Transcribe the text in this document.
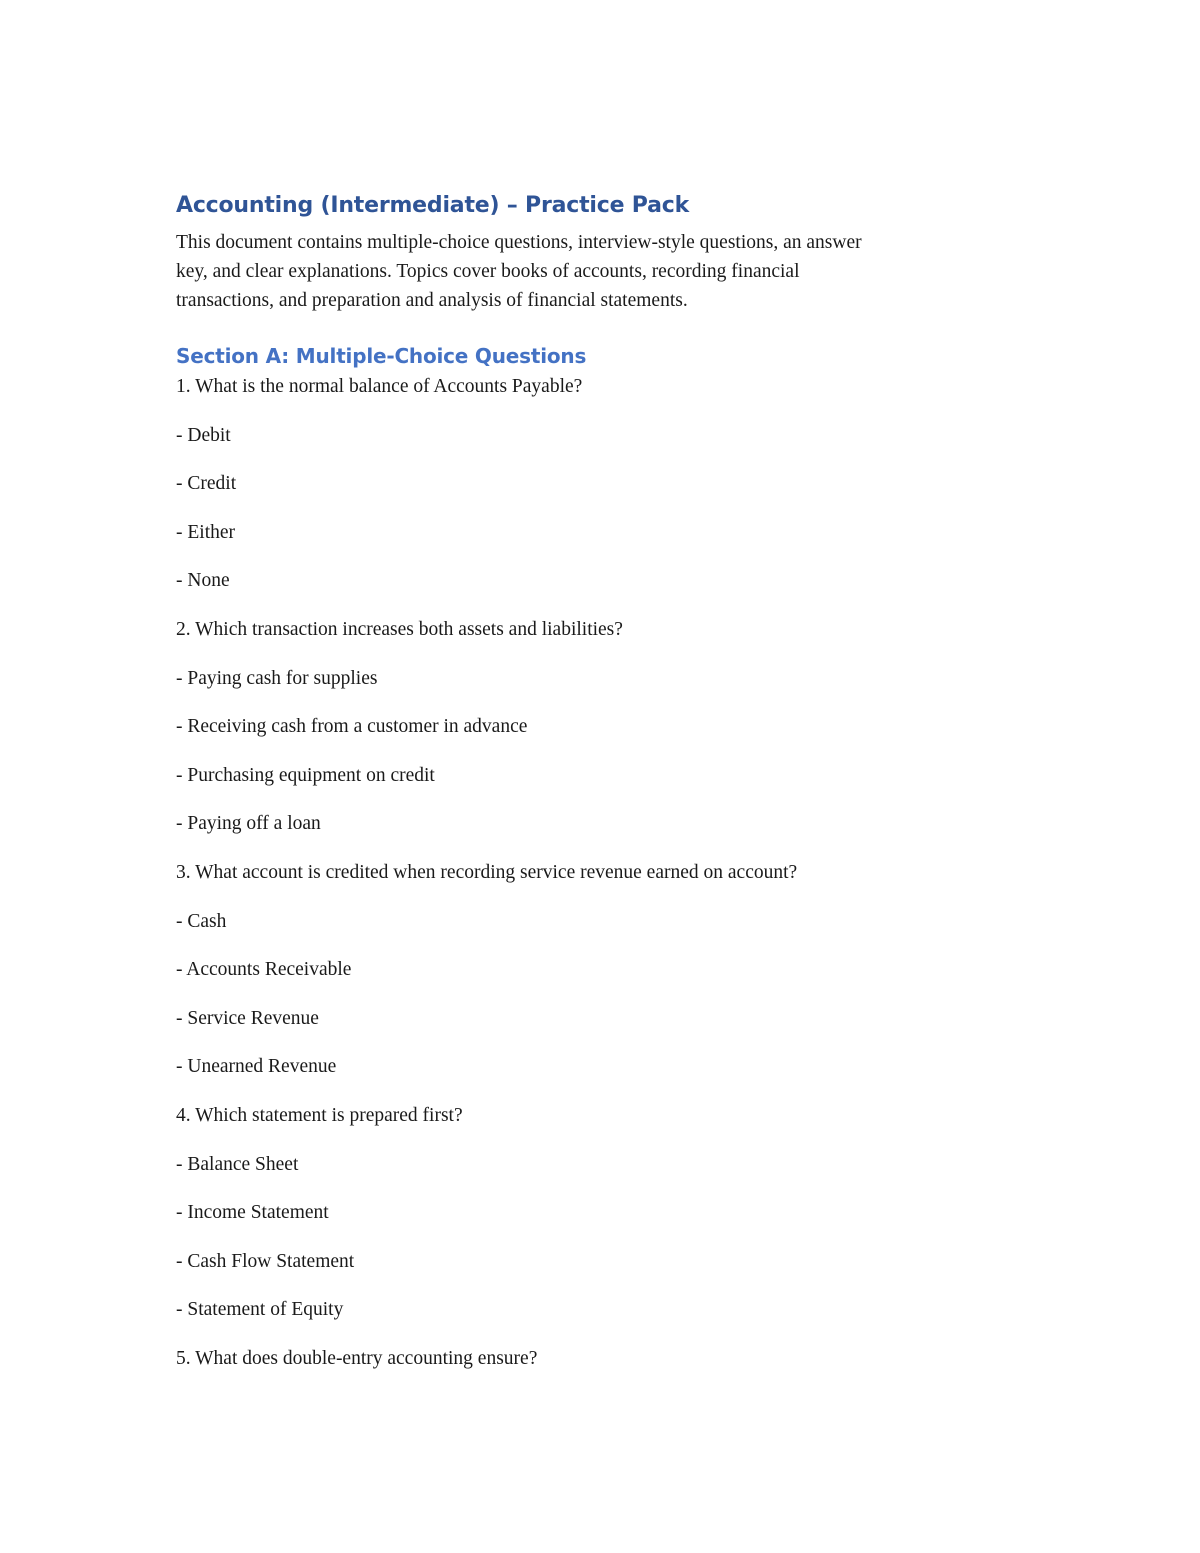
Accounting (Intermediate) – Practice Pack
This document contains multiple-choice questions, interview-style questions, an answer
key, and clear explanations. Topics cover books of accounts, recording financial
transactions, and preparation and analysis of financial statements.
Section A: Multiple-Choice Questions

1. What is the normal balance of Accounts Payable?

- Debit

- Credit

- Either

- None

2. Which transaction increases both assets and liabilities?

- Paying cash for supplies

- Receiving cash from a customer in advance

- Purchasing equipment on credit

- Paying off a loan

3. What account is credited when recording service revenue earned on account?

- Cash

- Accounts Receivable

- Service Revenue

- Unearned Revenue

4. Which statement is prepared first?

- Balance Sheet

- Income Statement

- Cash Flow Statement

- Statement of Equity

5. What does double-entry accounting ensure?
